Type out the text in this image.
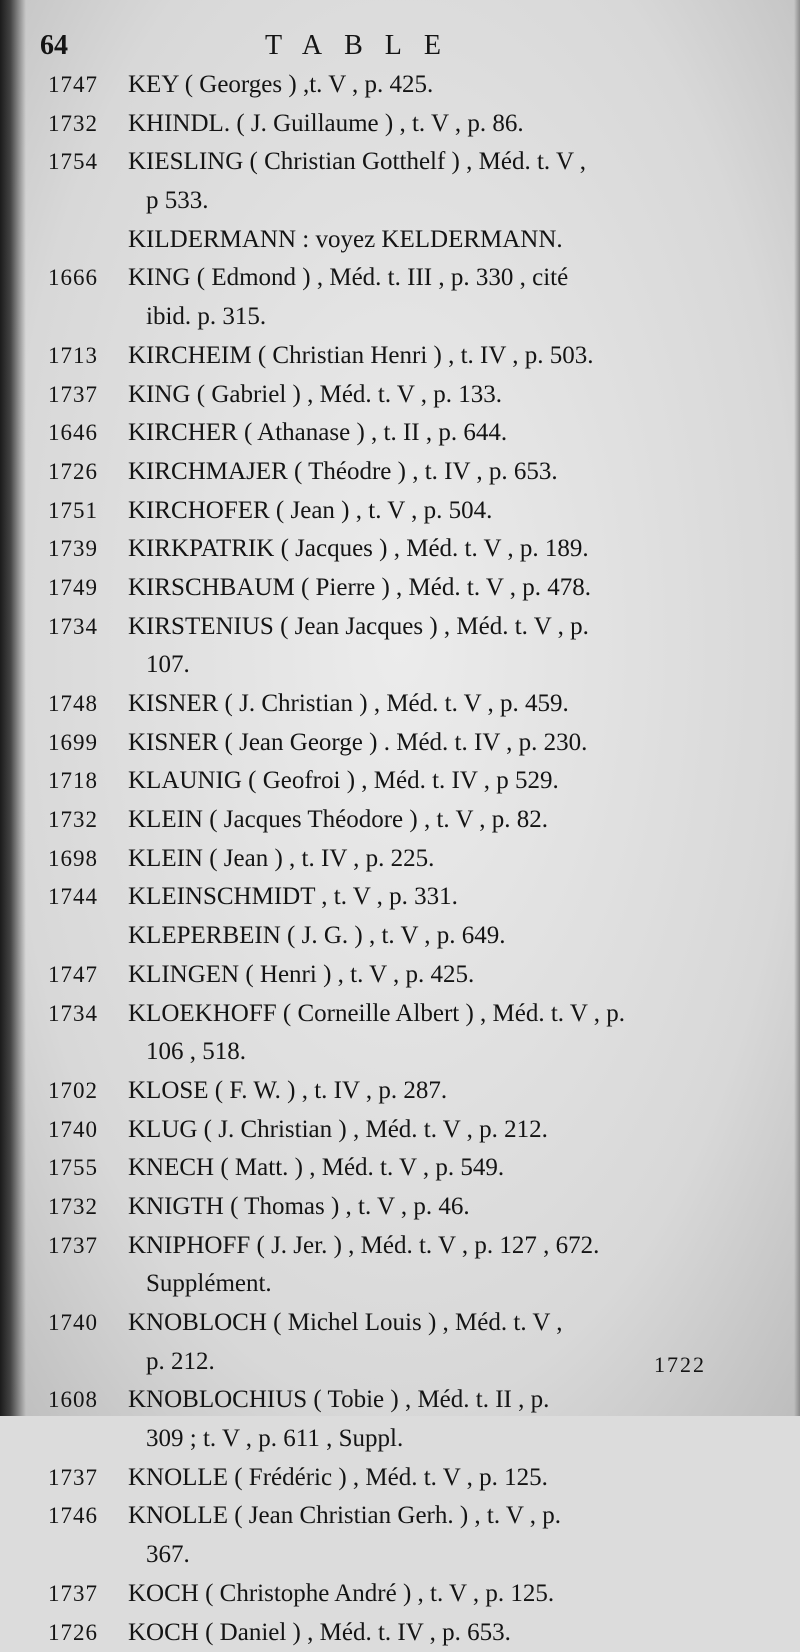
64	TABLE
1747	KEY ( Georges ) ,t. V , p. 425.
1732	KHINDL. ( J. Guillaume ) , t. V , p. 86.
1754	KIESLING ( Christian Gotthelf ) , Méd. t. V ,
p 533.
KILDERMANN : voyez KELDERMANN.
1666	KING ( Edmond ) , Méd. t. III , p. 330 , cité
ibid. p. 315.
1713	KIRCHEIM ( Christian Henri ) , t. IV , p. 503.
1737	KING ( Gabriel ) , Méd. t. V , p. 133.
1646	KIRCHER ( Athanase ) , t. II , p. 644.
1726	KIRCHMAJER ( Théodre ) , t. IV , p. 653.
1751	KIRCHOFER ( Jean ) , t. V , p. 504.
1739	KIRKPATRIK ( Jacques ) , Méd. t. V , p. 189.
1749	KIRSCHBAUM ( Pierre ) , Méd. t. V , p. 478.
1734	KIRSTENIUS ( Jean Jacques ) , Méd. t. V , p.
107.
1748	KISNER ( J. Christian ) , Méd. t. V , p. 459.
1699	KISNER ( Jean George ) . Méd. t. IV , p. 230.
1718	KLAUNIG ( Geofroi ) , Méd. t. IV , p 529.
1732	KLEIN ( Jacques Théodore ) , t. V , p. 82.
1698	KLEIN ( Jean ) , t. IV , p. 225.
1744	KLEINSCHMIDT , t. V , p. 331.
KLEPERBEIN ( J. G. ) , t. V , p. 649.
1747	KLINGEN ( Henri ) , t. V , p. 425.
1734	KLOEKHOFF ( Corneille Albert ) , Méd. t. V , p.
106 , 518.
1702	KLOSE ( F. W. ) , t. IV , p. 287.
1740	KLUG ( J. Christian ) , Méd. t. V , p. 212.
1755	KNECH ( Matt. ) , Méd. t. V , p. 549.
1732	KNIGTH ( Thomas ) , t. V , p. 46.
1737	KNIPHOFF ( J. Jer. ) , Méd. t. V , p. 127 , 672.
Supplément.
1740	KNOBLOCH ( Michel Louis ) , Méd. t. V ,
p. 212.
1608	KNOBLOCHIUS ( Tobie ) , Méd. t. II , p.
309 ; t. V , p. 611 , Suppl.
1737	KNOLLE ( Frédéric ) , Méd. t. V , p. 125.
1746	KNOLLE ( Jean Christian Gerh. ) , t. V , p.
367.
1737	KOCH ( Christophe André ) , t. V , p. 125.
1726	KOCH ( Daniel ) , Méd. t. IV , p. 653.
1722
